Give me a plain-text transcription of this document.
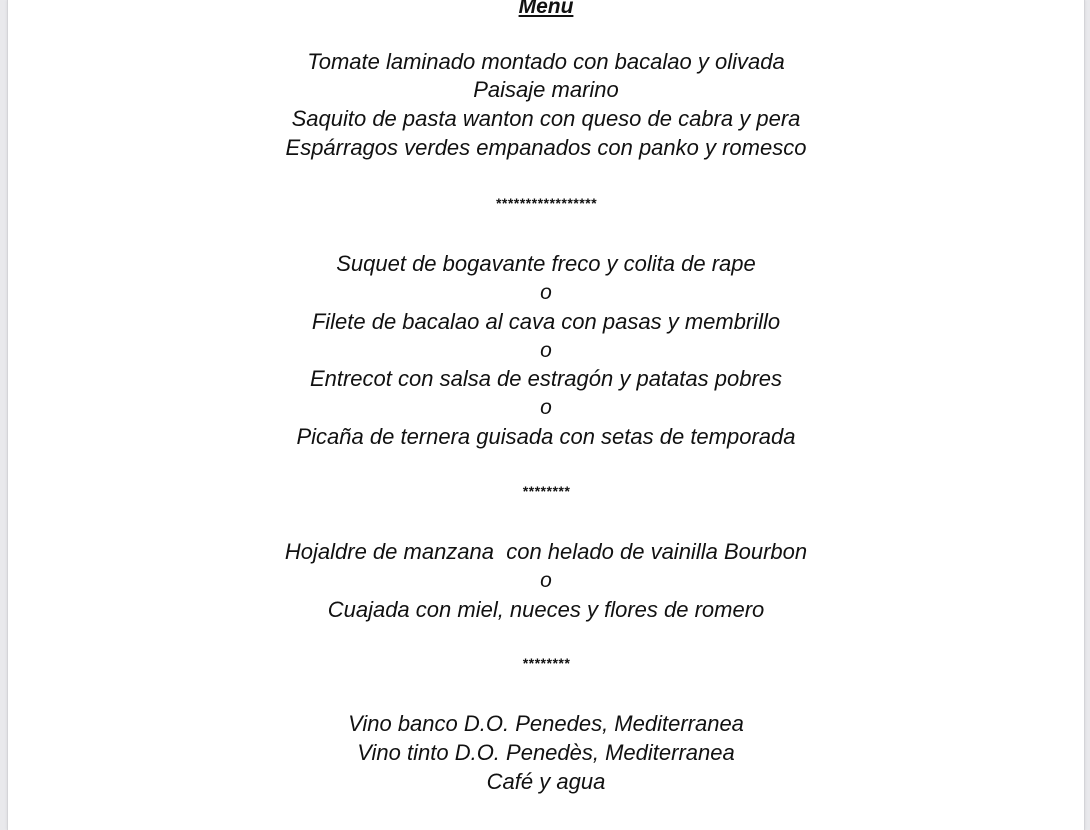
Menu
Tomate laminado montado con bacalao y olivada
Paisaje marino
Saquito de pasta wanton con queso de cabra y pera
Espárragos verdes empanados con panko y romesco
*****************
Suquet de bogavante freco y colita de rape
o
Filete de bacalao al cava con pasas y membrillo
o
Entrecot con salsa de estragón y patatas pobres
o
Picaña de ternera guisada con setas de temporada
********
Hojaldre de manzana  con helado de vainilla Bourbon
o
Cuajada con miel, nueces y flores de romero
********
Vino banco D.O. Penedes, Mediterranea
Vino tinto D.O. Penedès, Mediterranea
Café y agua
